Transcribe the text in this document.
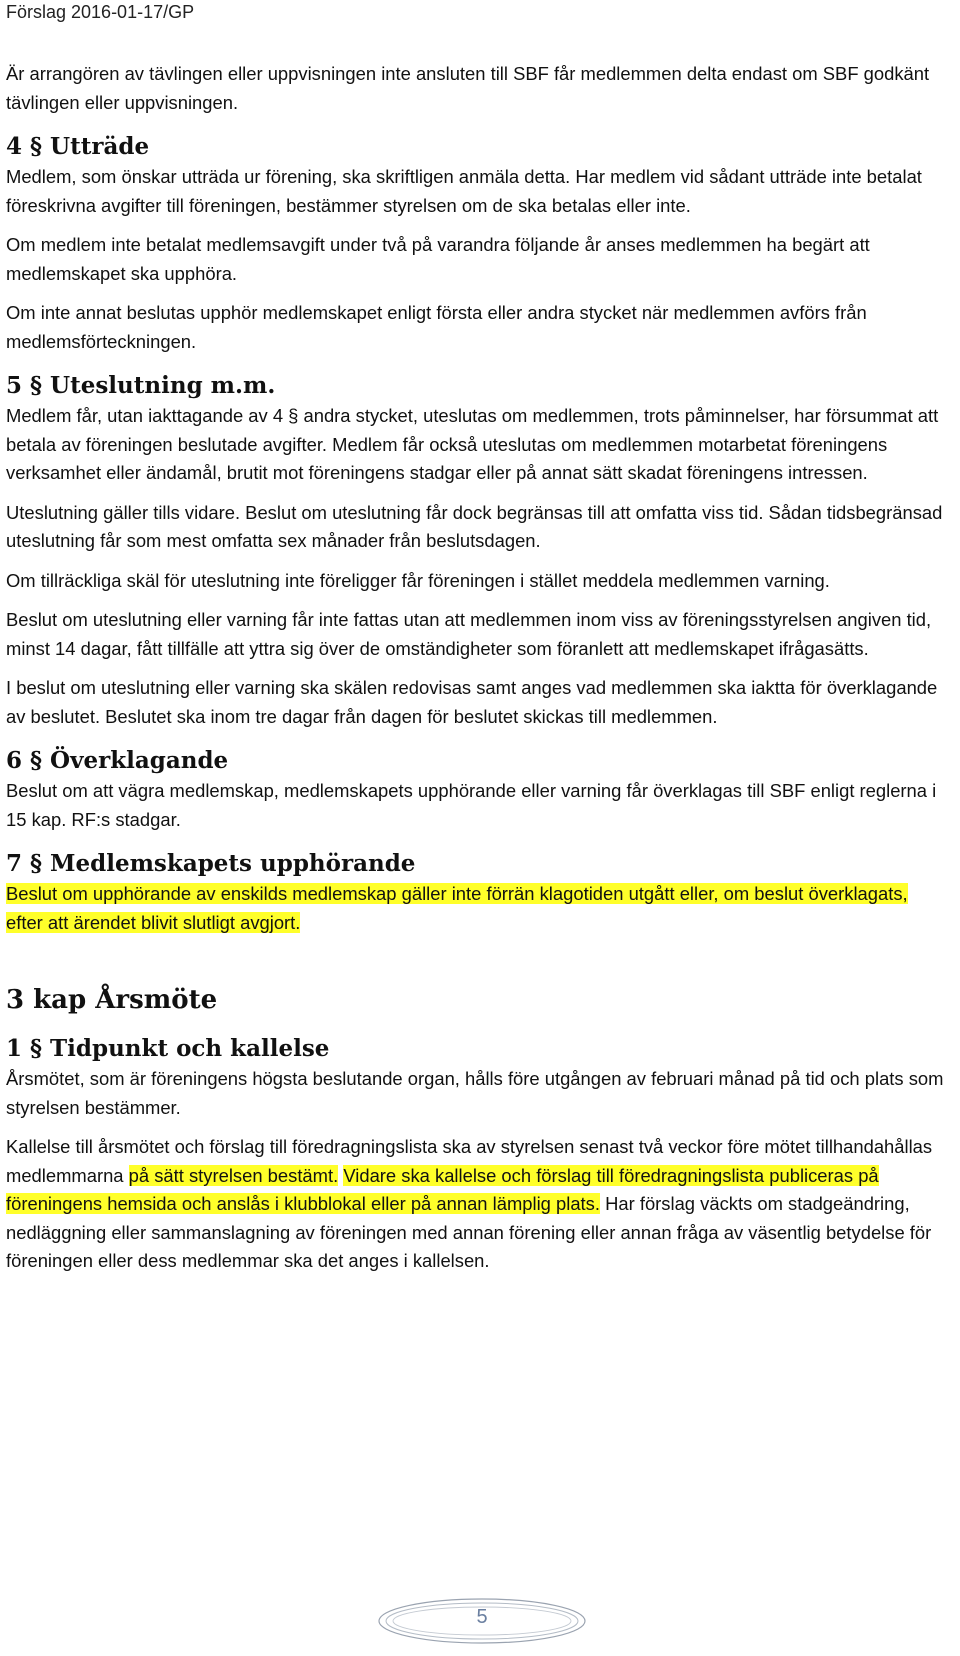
Förslag 2016-01-17/GP

Är arrangören av tävlingen eller uppvisningen inte ansluten till SBF får medlemmen delta endast om SBF godkänt tävlingen eller uppvisningen.

4 § Utträde

Medlem, som önskar utträda ur förening, ska skriftligen anmäla detta. Har medlem vid sådant utträde inte betalat föreskrivna avgifter till föreningen, bestämmer styrelsen om de ska betalas eller inte.

Om medlem inte betalat medlemsavgift under två på varandra följande år anses medlemmen ha begärt att medlemskapet ska upphöra.

Om inte annat beslutas upphör medlemskapet enligt första eller andra stycket när medlemmen avförs från medlemsförteckningen.

5 § Uteslutning m.m.

Medlem får, utan iakttagande av 4 § andra stycket, uteslutas om medlemmen, trots påminnelser, har försummat att betala av föreningen beslutade avgifter. Medlem får också uteslutas om medlemmen motarbetat föreningens verksamhet eller ändamål, brutit mot föreningens stadgar eller på annat sätt skadat föreningens intressen.

Uteslutning gäller tills vidare. Beslut om uteslutning får dock begränsas till att omfatta viss tid. Sådan tidsbegränsad uteslutning får som mest omfatta sex månader från beslutsdagen.

Om tillräckliga skäl för uteslutning inte föreligger får föreningen i stället meddela medlemmen varning.

Beslut om uteslutning eller varning får inte fattas utan att medlemmen inom viss av föreningsstyrelsen angiven tid, minst 14 dagar, fått tillfälle att yttra sig över de omständigheter som föranlett att medlemskapet ifrågasätts.

I beslut om uteslutning eller varning ska skälen redovisas samt anges vad medlemmen ska iaktta för överklagande av beslutet. Beslutet ska inom tre dagar från dagen för beslutet skickas till medlemmen.

6 § Överklagande

Beslut om att vägra medlemskap, medlemskapets upphörande eller varning får överklagas till SBF enligt reglerna i 15 kap. RF:s stadgar.

7 § Medlemskapets upphörande

Beslut om upphörande av enskilds medlemskap gäller inte förrän klagotiden utgått eller, om beslut överklagats, efter att ärendet blivit slutligt avgjort.

3 kap Årsmöte
1 § Tidpunkt och kallelse

Årsmötet, som är föreningens högsta beslutande organ, hålls före utgången av februari månad på tid och plats som styrelsen bestämmer.

Kallelse till årsmötet och förslag till föredragningslista ska av styrelsen senast två veckor före mötet tillhandahållas medlemmarna på sätt styrelsen bestämt. Vidare ska kallelse och förslag till föredragningslista publiceras på föreningens hemsida och anslås i klubblokal eller på annan lämplig plats. Har förslag väckts om stadgeändring, nedläggning eller sammanslagning av föreningen med annan förening eller annan fråga av väsentlig betydelse för föreningen eller dess medlemmar ska det anges i kallelsen.

5
